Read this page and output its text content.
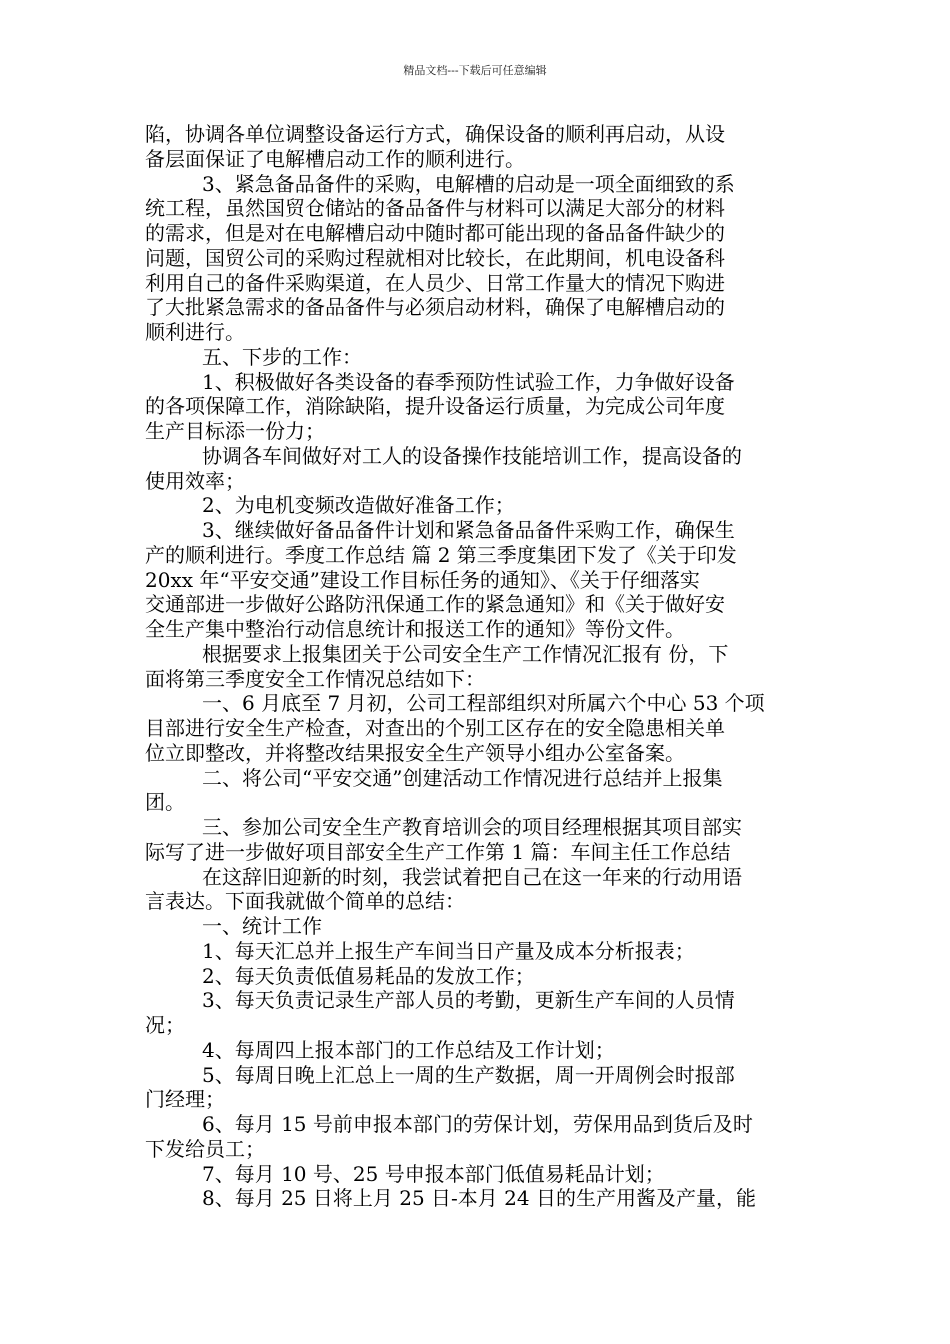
精品文档---下载后可任意编辑
陷，协调各单位调整设备运行方式，确保设备的顺利再启动，从设
备层面保证了电解槽启动工作的顺利进行。
3、紧急备品备件的采购，电解槽的启动是一项全面细致的系
统工程，虽然国贸仓储站的备品备件与材料可以满足大部分的材料
的需求，但是对在电解槽启动中随时都可能出现的备品备件缺少的
问题，国贸公司的采购过程就相对比较长，在此期间，机电设备科
利用自己的备件采购渠道，在人员少、日常工作量大的情况下购进
了大批紧急需求的备品备件与必须启动材料，确保了电解槽启动的
顺利进行。
五、下步的工作：
1、积极做好各类设备的春季预防性试验工作，力争做好设备
的各项保障工作，消除缺陷，提升设备运行质量，为完成公司年度
生产目标添一份力；
协调各车间做好对工人的设备操作技能培训工作，提高设备的
使用效率；
2、为电机变频改造做好准备工作；
3、继续做好备品备件计划和紧急备品备件采购工作，确保生
产的顺利进行。季度工作总结 篇 2 第三季度集团下发了《关于印发
20xx 年“平安交通”建设工作目标任务的通知》、《关于仔细落实
交通部进一步做好公路防汛保通工作的紧急通知》和《关于做好安
全生产集中整治行动信息统计和报送工作的通知》等份文件。
根据要求上报集团关于公司安全生产工作情况汇报有 份，下
面将第三季度安全工作情况总结如下：
一、6 月底至 7 月初，公司工程部组织对所属六个中心 53 个项
目部进行安全生产检查，对查出的个别工区存在的安全隐患相关单
位立即整改，并将整改结果报安全生产领导小组办公室备案。
二、将公司“平安交通”创建活动工作情况进行总结并上报集
团。
三、参加公司安全生产教育培训会的项目经理根据其项目部实
际写了进一步做好项目部安全生产工作第 1 篇：车间主任工作总结
在这辞旧迎新的时刻，我尝试着把自己在这一年来的行动用语
言表达。下面我就做个简单的总结：
一、统计工作
1、每天汇总并上报生产车间当日产量及成本分析报表；
2、每天负责低值易耗品的发放工作；
3、每天负责记录生产部人员的考勤，更新生产车间的人员情
况；
4、每周四上报本部门的工作总结及工作计划；
5、每周日晚上汇总上一周的生产数据，周一开周例会时报部
门经理；
6、每月 15 号前申报本部门的劳保计划，劳保用品到货后及时
下发给员工；
7、每月 10 号、25 号申报本部门低值易耗品计划；
8、每月 25 日将上月 25 日-本月 24 日的生产用酱及产量，能
